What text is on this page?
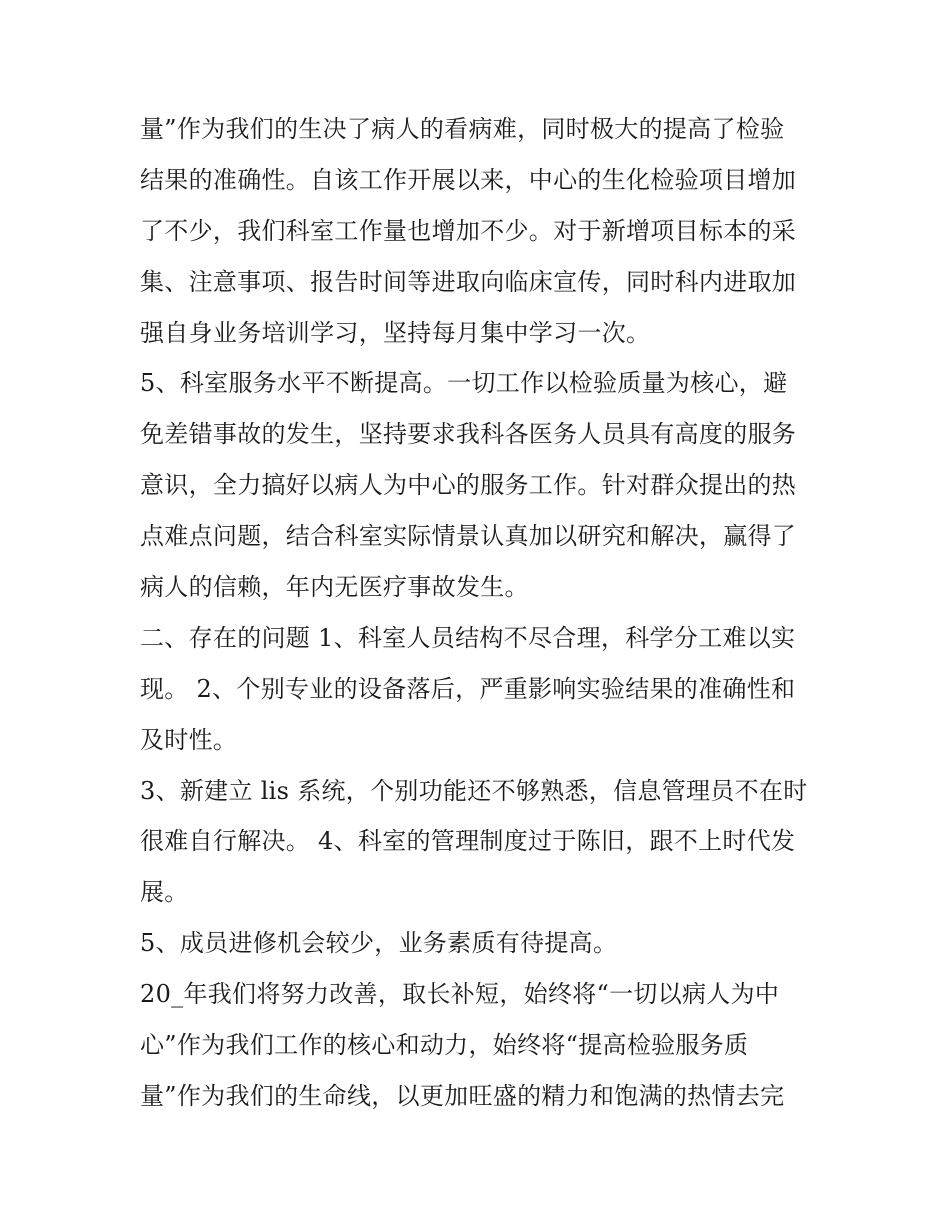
量”作为我们的生决了病人的看病难，同时极大的提高了检验
结果的准确性。自该工作开展以来，中心的生化检验项目增加
了不少，我们科室工作量也增加不少。对于新增项目标本的采
集、注意事项、报告时间等进取向临床宣传，同时科内进取加
强自身业务培训学习，坚持每月集中学习一次。
5、科室服务水平不断提高。一切工作以检验质量为核心，避
免差错事故的发生，坚持要求我科各医务人员具有高度的服务
意识，全力搞好以病人为中心的服务工作。针对群众提出的热
点难点问题，结合科室实际情景认真加以研究和解决，赢得了
病人的信赖，年内无医疗事故发生。
二、存在的问题 1、科室人员结构不尽合理，科学分工难以实
现。 2、个别专业的设备落后，严重影响实验结果的准确性和
及时性。
3、新建立 lis 系统，个别功能还不够熟悉，信息管理员不在时
很难自行解决。 4、科室的管理制度过于陈旧，跟不上时代发
展。
5、成员进修机会较少，业务素质有待提高。
20_年我们将努力改善，取长补短，始终将“一切以病人为中
心”作为我们工作的核心和动力，始终将“提高检验服务质
量”作为我们的生命线，以更加旺盛的精力和饱满的热情去完
